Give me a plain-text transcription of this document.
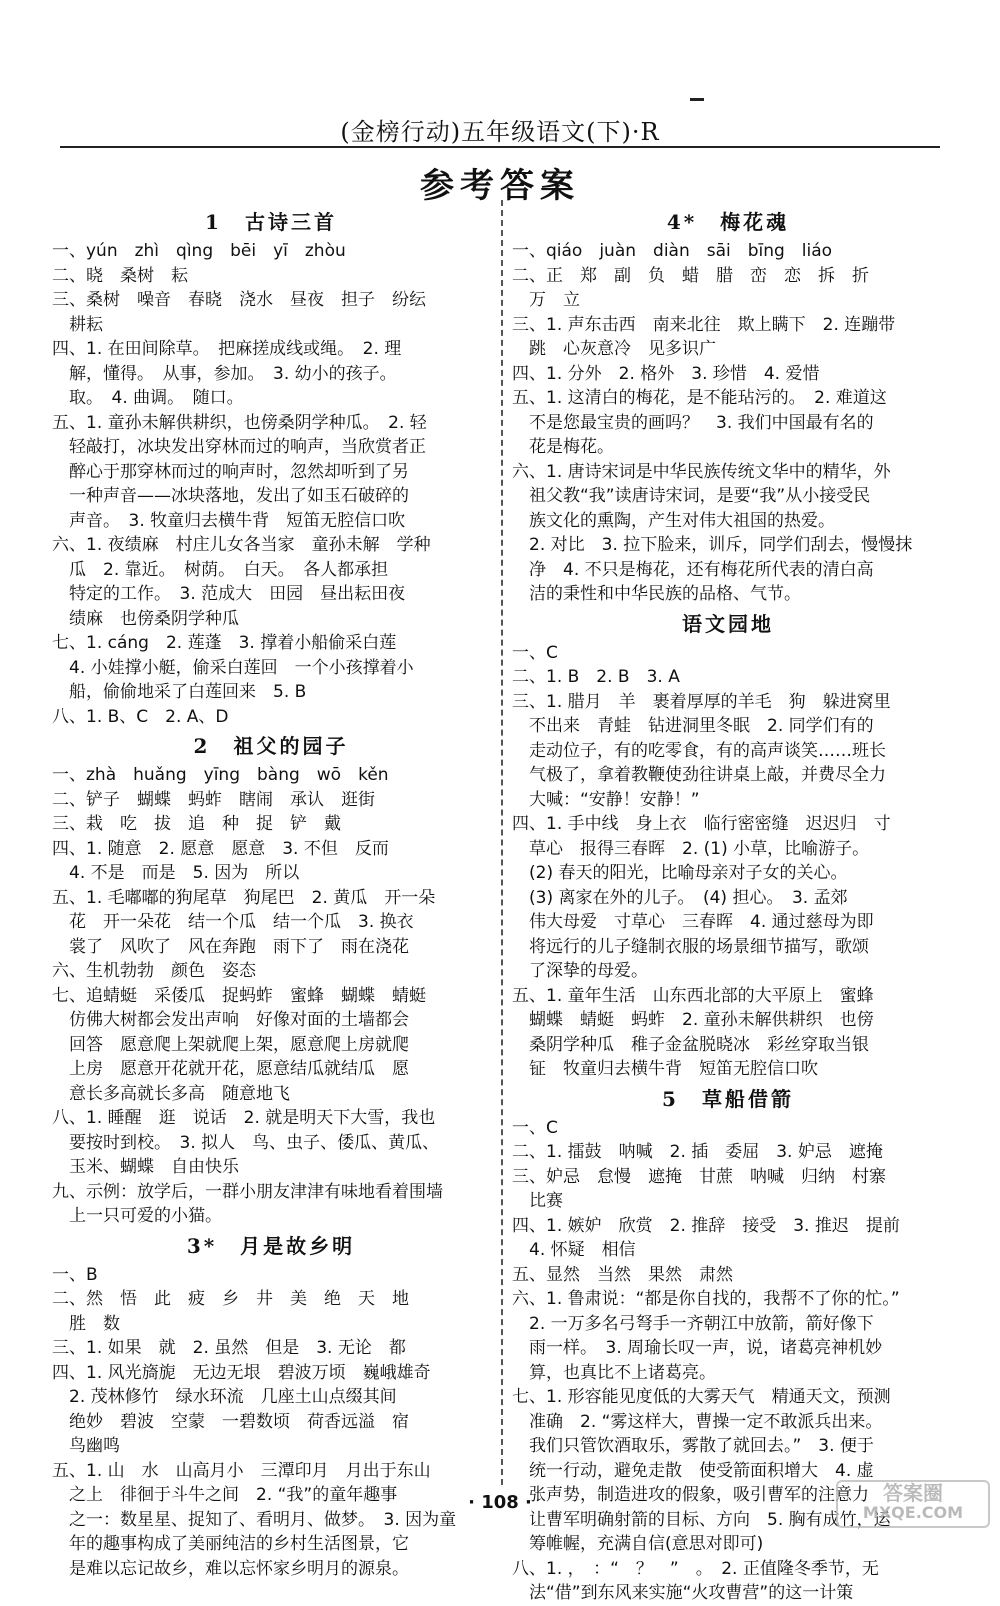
(金榜行动)五年级语文(下)·R
参考答案
1　古诗三首
一、yún　zhì　qìng　bēi　yī　zhòu
二、晓　桑树　耘
三、桑树　噪音　春晓　浇水　昼夜　担子　纷纭
　耕耘
四、1. 在田间除草。　把麻搓成线或绳。　2. 理
　解，懂得。　从事，参加。　3. 幼小的孩子。
　取。　4. 曲调。　随口。
五、1. 童孙未解供耕织，也傍桑阴学种瓜。　2. 轻
　轻敲打，冰块发出穿林而过的响声，当欣赏者正
　醉心于那穿林而过的响声时，忽然却听到了另
　一种声音——冰块落地，发出了如玉石破碎的
　声音。　3. 牧童归去横牛背　短笛无腔信口吹
六、1. 夜绩麻　村庄儿女各当家　童孙未解　学种
　瓜　2. 靠近。　树荫。　白天。　各人都承担
　特定的工作。　3. 范成大　田园　昼出耘田夜
　绩麻　也傍桑阴学种瓜
七、1. cáng　2. 莲蓬　3. 撑着小船偷采白莲
　4. 小娃撑小艇，偷采白莲回　一个小孩撑着小
　船，偷偷地采了白莲回来　5. B
八、1. B、C　2. A、D
2　祖父的园子
一、zhà　huǎng　yīng　bàng　wō　kěn
二、铲子　蝴蝶　蚂蚱　瞎闹　承认　逛街
三、栽　吃　拔　追　种　捉　铲　戴
四、1. 随意　2. 愿意　愿意　3. 不但　反而
　4. 不是　而是　5. 因为　所以
五、1. 毛嘟嘟的狗尾草　狗尾巴　2. 黄瓜　开一朵
　花　开一朵花　结一个瓜　结一个瓜　3. 换衣
　裳了　风吹了　风在奔跑　雨下了　雨在浇花
六、生机勃勃　颜色　姿态
七、追蜻蜓　采倭瓜　捉蚂蚱　蜜蜂　蝴蝶　蜻蜓
　仿佛大树都会发出声响　好像对面的土墙都会
　回答　愿意爬上架就爬上架，愿意爬上房就爬
　上房　愿意开花就开花，愿意结瓜就结瓜　愿
　意长多高就长多高　随意地飞
八、1. 睡醒　逛　说话　2. 就是明天下大雪，我也
　要按时到校。　3. 拟人　鸟、虫子、倭瓜、黄瓜、
　玉米、蝴蝶　自由快乐
九、示例：放学后，一群小朋友津津有味地看着围墙
　上一只可爱的小猫。
3*　月是故乡明
一、B
二、然　悟　此　疲　乡　井　美　绝　天　地
　胜　数
三、1. 如果　就　2. 虽然　但是　3. 无论　都
四、1. 风光旖旎　无边无垠　碧波万顷　巍峨雄奇
　2. 茂林修竹　绿水环流　几座土山点缀其间
　绝妙　碧波　空蒙　一碧数顷　荷香远溢　宿
　鸟幽鸣
五、1. 山　水　山高月小　三潭印月　月出于东山
　之上　徘徊于斗牛之间　2. “我”的童年趣事
　之一：数星星、捉知了、看明月、做梦。　3. 因为童
　年的趣事构成了美丽纯洁的乡村生活图景，它
　是难以忘记故乡，难以忘怀家乡明月的源泉。
4*　梅花魂
一、qiáo　juàn　diàn　sāi　bīng　liáo
二、正　郑　副　负　蜡　腊　峦　恋　拆　折
　万　立
三、1. 声东击西　南来北往　欺上瞒下　2. 连蹦带
　跳　心灰意冷　见多识广
四、1. 分外　2. 格外　3. 珍惜　4. 爱惜
五、1. 这清白的梅花，是不能玷污的。　2. 难道这
　不是您最宝贵的画吗？　3. 我们中国最有名的
　花是梅花。
六、1. 唐诗宋词是中华民族传统文华中的精华，外
　祖父教“我”读唐诗宋词，是要“我”从小接受民
　族文化的熏陶，产生对伟大祖国的热爱。
　2. 对比　3. 拉下脸来，训斥，同学们刮去，慢慢抹
　净　4. 不只是梅花，还有梅花所代表的清白高
　洁的秉性和中华民族的品格、气节。
语文园地
一、C
二、1. B　2. B　3. A
三、1. 腊月　羊　裹着厚厚的羊毛　狗　躲进窝里
　不出来　青蛙　钻进洞里冬眠　2. 同学们有的
　走动位子，有的吃零食，有的高声谈笑……班长
　气极了，拿着教鞭使劲往讲桌上敲，并费尽全力
　大喊：“安静！安静！”
四、1. 手中线　身上衣　临行密密缝　迟迟归　寸
　草心　报得三春晖　2. (1) 小草，比喻游子。
　(2) 春天的阳光，比喻母亲对子女的关心。
　(3) 离家在外的儿子。　(4) 担心。　3. 孟郊
　伟大母爱　寸草心　三春晖　4. 通过慈母为即
　将远行的儿子缝制衣服的场景细节描写，歌颂
　了深挚的母爱。
五、1. 童年生活　山东西北部的大平原上　蜜蜂
　蝴蝶　蜻蜓　蚂蚱　2. 童孙未解供耕织　也傍
　桑阴学种瓜　稚子金盆脱晓冰　彩丝穿取当银
　钲　牧童归去横牛背　短笛无腔信口吹
5　草船借箭
一、C
二、1. 擂鼓　呐喊　2. 插　委屈　3. 妒忌　遮掩
三、妒忌　怠慢　遮掩　甘蔗　呐喊　归纳　村寨
　比赛
四、1. 嫉妒　欣赏　2. 推辞　接受　3. 推迟　提前
　4. 怀疑　相信
五、显然　当然　果然　肃然
六、1. 鲁肃说：“都是你自找的，我帮不了你的忙。”
　2. 一万多名弓弩手一齐朝江中放箭，箭好像下
　雨一样。　3. 周瑜长叹一声，说，诸葛亮神机妙
　算，也真比不上诸葛亮。
七、1. 形容能见度低的大雾天气　精通天文，预测
　准确　2. “雾这样大，曹操一定不敢派兵出来。
　我们只管饮酒取乐，雾散了就回去。”　3. 便于
　统一行动，避免走散　使受箭面积增大　4. 虚
　张声势，制造进攻的假象，吸引曹军的注意力
　让曹军明确射箭的目标、方向　5. 胸有成竹，运
　筹帷幄，充满自信(意思对即可)
八、1. ，　：“　？　”　。　2. 正值隆冬季节，无
　法“借”到东风来实施“火攻曹营”的这一计策
· 108 ·	答案圈
MXQE.COM
